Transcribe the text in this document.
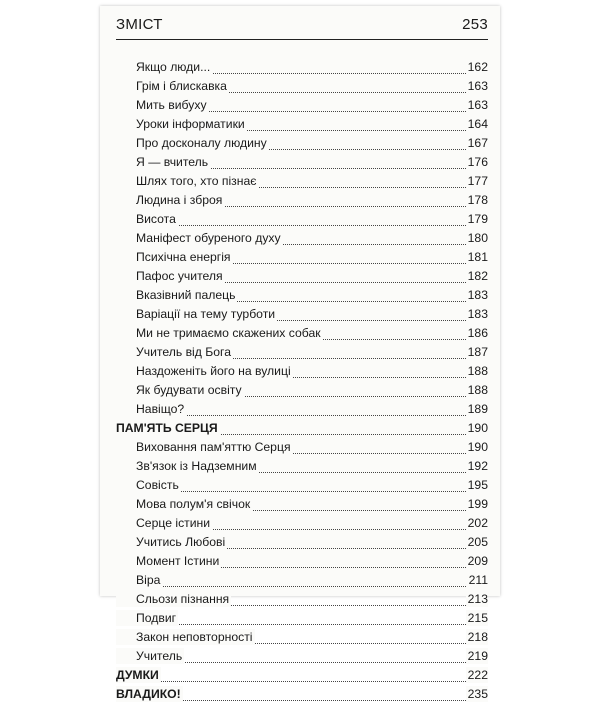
ЗМІСТ	253
Якщо люди...	162
Грім і блискавка	163
Мить вибуху	163
Уроки інформатики	164
Про досконалу людину	167
Я — вчитель	176
Шлях того, хто пізнає	177
Людина і зброя	178
Висота	179
Маніфест обуреного духу	180
Психічна енергія	181
Пафос учителя	182
Вказівний палець	183
Варіації на тему турботи	183
Ми не тримаємо скажених собак	186
Учитель від Бога	187
Наздоженіть його на вулиці	188
Як будувати освіту	188
Навіщо?	189
ПАМ'ЯТЬ СЕРЦЯ	190
Виховання пам'яттю Серця	190
Зв'язок із Надземним	192
Совість	195
Мова полум'я свічок	199
Серце істини	202
Учитись Любові	205
Момент Істини	209
Віра	211
Сльози пізнання	213
Подвиг	215
Закон неповторності	218
Учитель	219
ДУМКИ	222
ВЛАДИКО!	235
